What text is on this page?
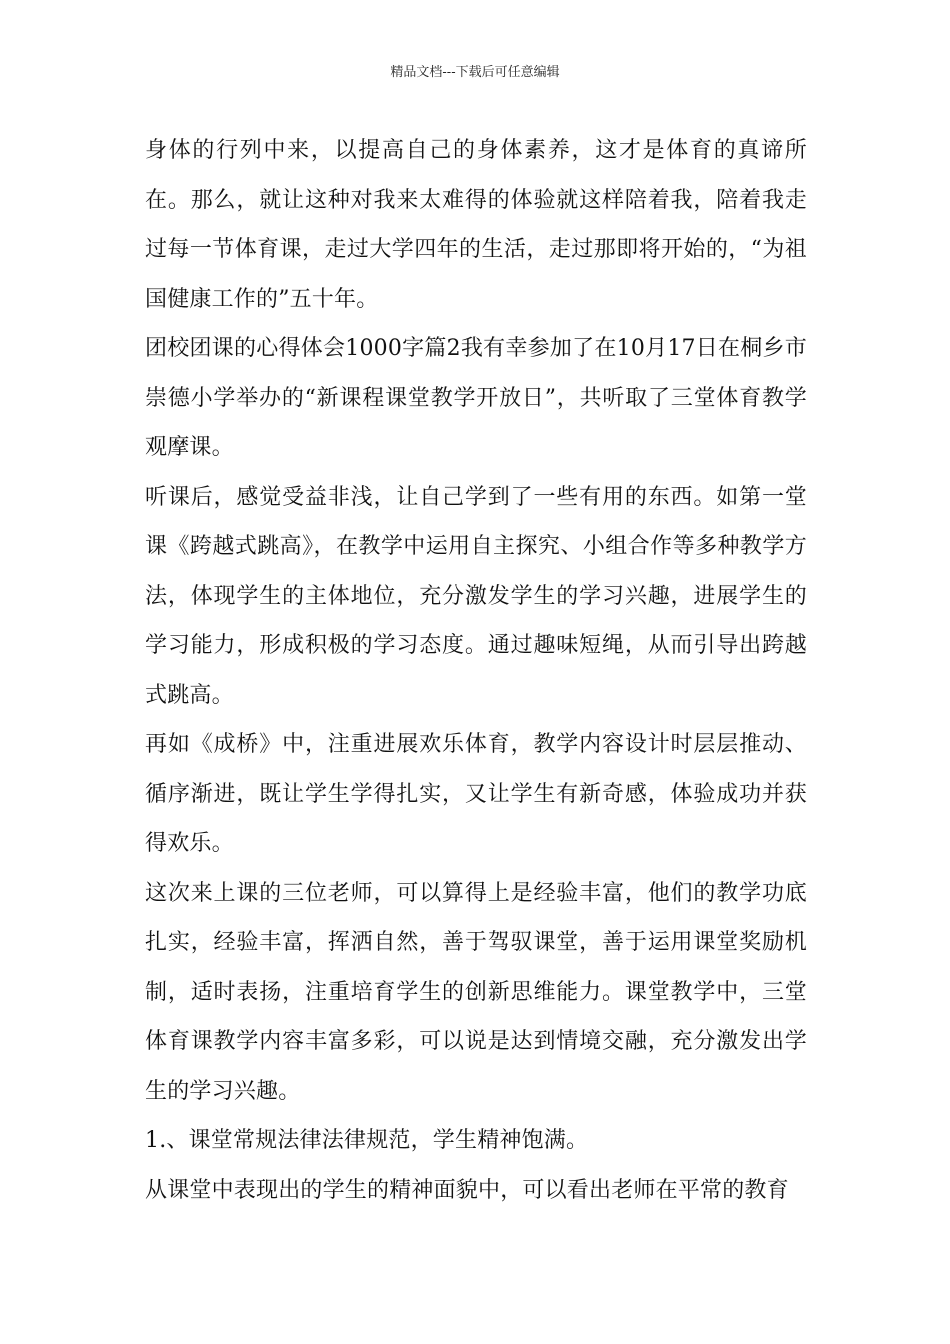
精品文档---下载后可任意编辑

身体的行列中来，以提高自己的身体素养，这才是体育的真谛所在。那么，就让这种对我来太难得的体验就这样陪着我，陪着我走过每一节体育课，走过大学四年的生活，走过那即将开始的，“为祖国健康工作的”五十年。

团校团课的心得体会1000字篇2我有幸参加了在10月17日在桐乡市崇德小学举办的“新课程课堂教学开放日”，共听取了三堂体育教学观摩课。

听课后，感觉受益非浅，让自己学到了一些有用的东西。如第一堂课《跨越式跳高》，在教学中运用自主探究、小组合作等多种教学方法，体现学生的主体地位，充分激发学生的学习兴趣，进展学生的学习能力，形成积极的学习态度。通过趣味短绳，从而引导出跨越式跳高。

再如《成桥》中，注重进展欢乐体育，教学内容设计时层层推动、循序渐进，既让学生学得扎实，又让学生有新奇感，体验成功并获得欢乐。

这次来上课的三位老师，可以算得上是经验丰富，他们的教学功底扎实，经验丰富，挥洒自然，善于驾驭课堂，善于运用课堂奖励机制，适时表扬，注重培育学生的创新思维能力。课堂教学中，三堂体育课教学内容丰富多彩，可以说是达到情境交融，充分激发出学生的学习兴趣。

1.、课堂常规法律法律规范，学生精神饱满。

从课堂中表现出的学生的精神面貌中，可以看出老师在平常的教育
